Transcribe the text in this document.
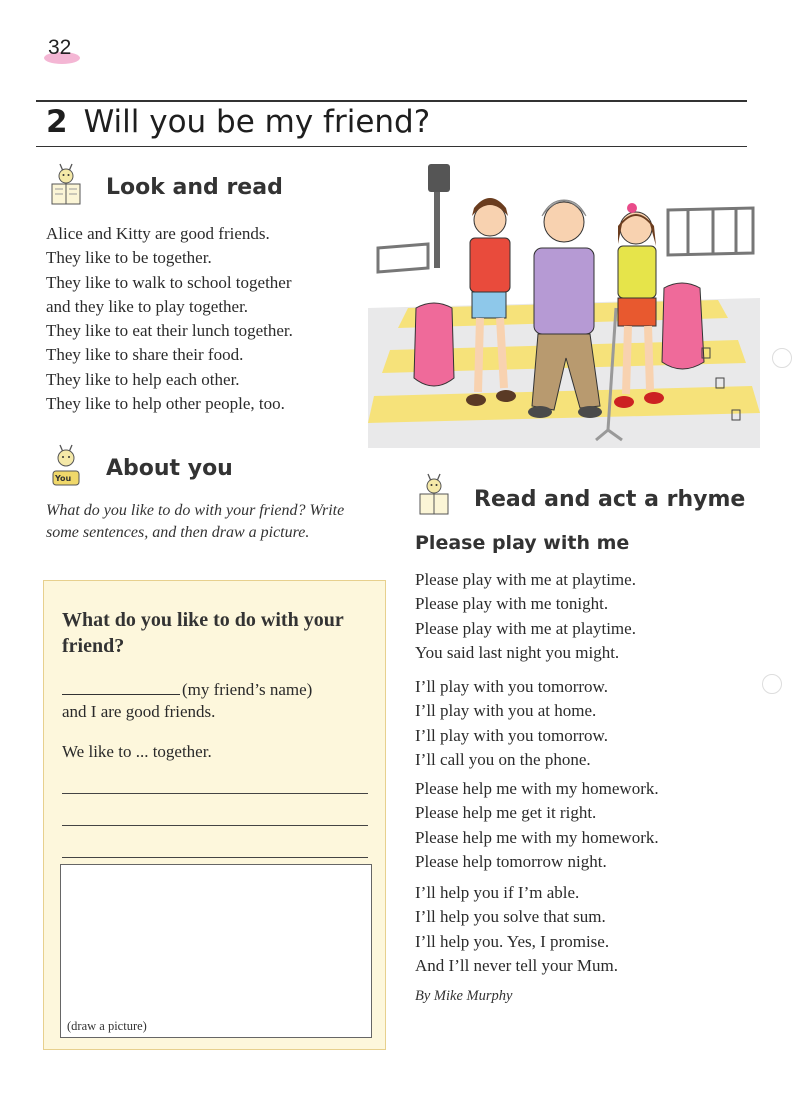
32
2 Will you be my friend?
Look and read
Alice and Kitty are good friends.
They like to be together.
They like to walk to school together
and they like to play together.
They like to eat their lunch together.
They like to share their food.
They like to help each other.
They like to help other people, too.
You About you
What do you like to do with your friend? Write some sentences, and then draw a picture.
What do you like to do with your friend?
(my friend’s name)
and I are good friends.
We like to ... together.
(draw a picture)
Read and act a rhyme
Please play with me
Please play with me at playtime.
Please play with me tonight.
Please play with me at playtime.
You said last night you might.
I’ll play with you tomorrow.
I’ll play with you at home.
I’ll play with you tomorrow.
I’ll call you on the phone.
Please help me with my homework.
Please help me get it right.
Please help me with my homework.
Please help tomorrow night.
I’ll help you if I’m able.
I’ll help you solve that sum.
I’ll help you. Yes, I promise.
And I’ll never tell your Mum.
By Mike Murphy
